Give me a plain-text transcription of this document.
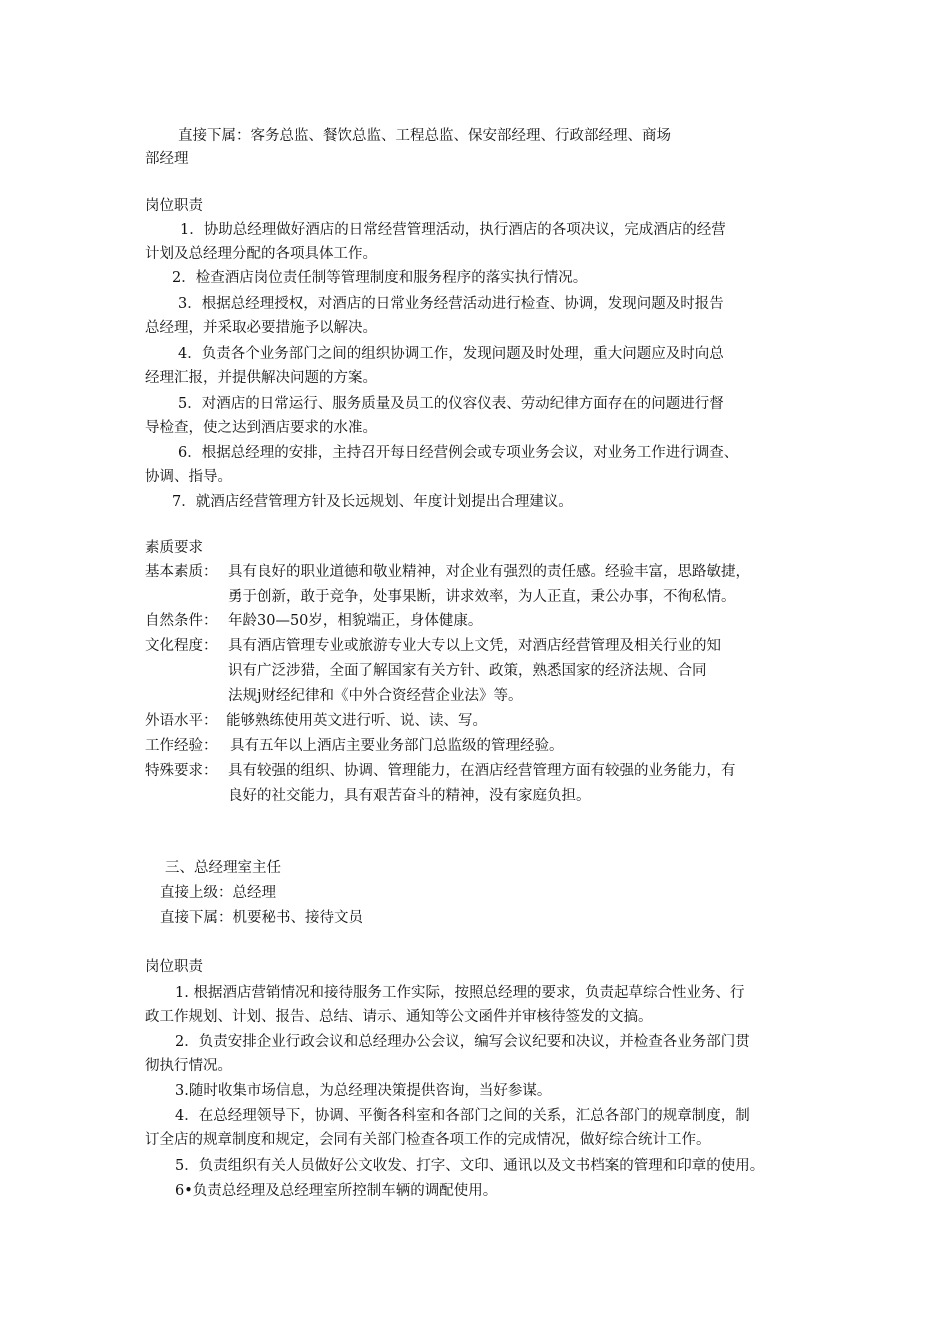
直接下属：客务总监、餐饮总监、工程总监、保安部经理、行政部经理、商场
部经理
岗位职责
1．协助总经理做好酒店的日常经营管理活动，执行酒店的各项决议，完成酒店的经营
计划及总经理分配的各项具体工作。
2．检查酒店岗位责任制等管理制度和服务程序的落实执行情况。
3．根据总经理授权，对酒店的日常业务经营活动进行检查、协调，发现问题及时报告
总经理，并采取必要措施予以解决。
4．负责各个业务部门之间的组织协调工作，发现问题及时处理，重大问题应及时向总
经理汇报，并提供解决问题的方案。
5．对酒店的日常运行、服务质量及员工的仪容仪表、劳动纪律方面存在的问题进行督
导检查，使之达到酒店要求的水准。
6．根据总经理的安排，主持召开每日经营例会或专项业务会议，对业务工作进行调查、
协调、指导。
7．就酒店经营管理方针及长远规划、年度计划提出合理建议。
素质要求
基本素质： 具有良好的职业道德和敬业精神，对企业有强烈的责任感。经验丰富，思路敏捷，
勇于创新，敢于竞争，处事果断，讲求效率，为人正直，秉公办事，不徇私情。
自然条件： 年龄30—50岁，相貌端正，身体健康。
文化程度： 具有酒店管理专业或旅游专业大专以上文凭，对酒店经营管理及相关行业的知
识有广泛涉猎，全面了解国家有关方针、政策，熟悉国家的经济法规、合同
法规j财经纪律和《中外合资经营企业法》等。
外语水平： 能够熟练使用英文进行听、说、读、写。
工作经验： 具有五年以上酒店主要业务部门总监级的管理经验。
特殊要求： 具有较强的组织、协调、管理能力，在酒店经营管理方面有较强的业务能力，有
良好的社交能力，具有艰苦奋斗的精神，没有家庭负担。
三、总经理室主任
直接上级：总经理
直接下属：机要秘书、接待文员
岗位职责
1. 根据酒店营销情况和接待服务工作实际，按照总经理的要求，负责起草综合性业务、行
政工作规划、计划、报告、总结、请示、通知等公文函件并审核待签发的文搞。
2．负责安排企业行政会议和总经理办公会议，编写会议纪要和决议，并检查各业务部门贯
彻执行情况。
3.随时收集市场信息，为总经理决策提供咨询，当好参谋。
4．在总经理领导下，协调、平衡各科室和各部门之间的关系，汇总各部门的规章制度，制
订全店的规章制度和规定，会同有关部门检查各项工作的完成情况，做好综合统计工作。
5．负责组织有关人员做好公文收发、打字、文印、通讯以及文书档案的管理和印章的使用。
6•负责总经理及总经理室所控制车辆的调配使用。
